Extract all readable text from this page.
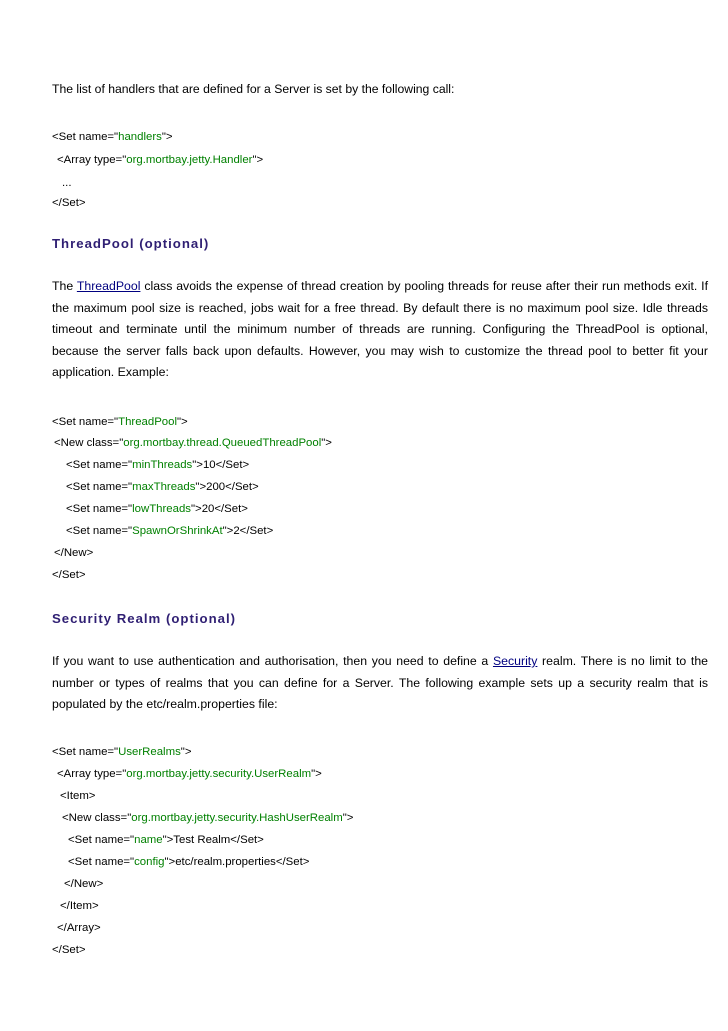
The list of handlers that are defined for a Server is set by the following call:
<Set name="handlers">
<Array type="org.mortbay.jetty.Handler">
...
</Set>
ThreadPool (optional)
The ThreadPool class avoids the expense of thread creation by pooling threads for reuse after their run methods exit. If the maximum pool size is reached, jobs wait for a free thread. By default there is no maximum pool size. Idle threads timeout and terminate until the minimum number of threads are running. Configuring the ThreadPool is optional, because the server falls back upon defaults. However, you may wish to customize the thread pool to better fit your application. Example:
<Set name="ThreadPool">
<New class="org.mortbay.thread.QueuedThreadPool">
<Set name="minThreads">10</Set>
<Set name="maxThreads">200</Set>
<Set name="lowThreads">20</Set>
<Set name="SpawnOrShrinkAt">2</Set>
</New>
</Set>
Security Realm (optional)
If you want to use authentication and authorisation, then you need to define a Security realm. There is no limit to the number or types of realms that you can define for a Server. The following example sets up a security realm that is populated by the etc/realm.properties file:
<Set name="UserRealms">
<Array type="org.mortbay.jetty.security.UserRealm">
<Item>
<New class="org.mortbay.jetty.security.HashUserRealm">
<Set name="name">Test Realm</Set>
<Set name="config">etc/realm.properties</Set>
</New>
</Item>
</Array>
</Set>
